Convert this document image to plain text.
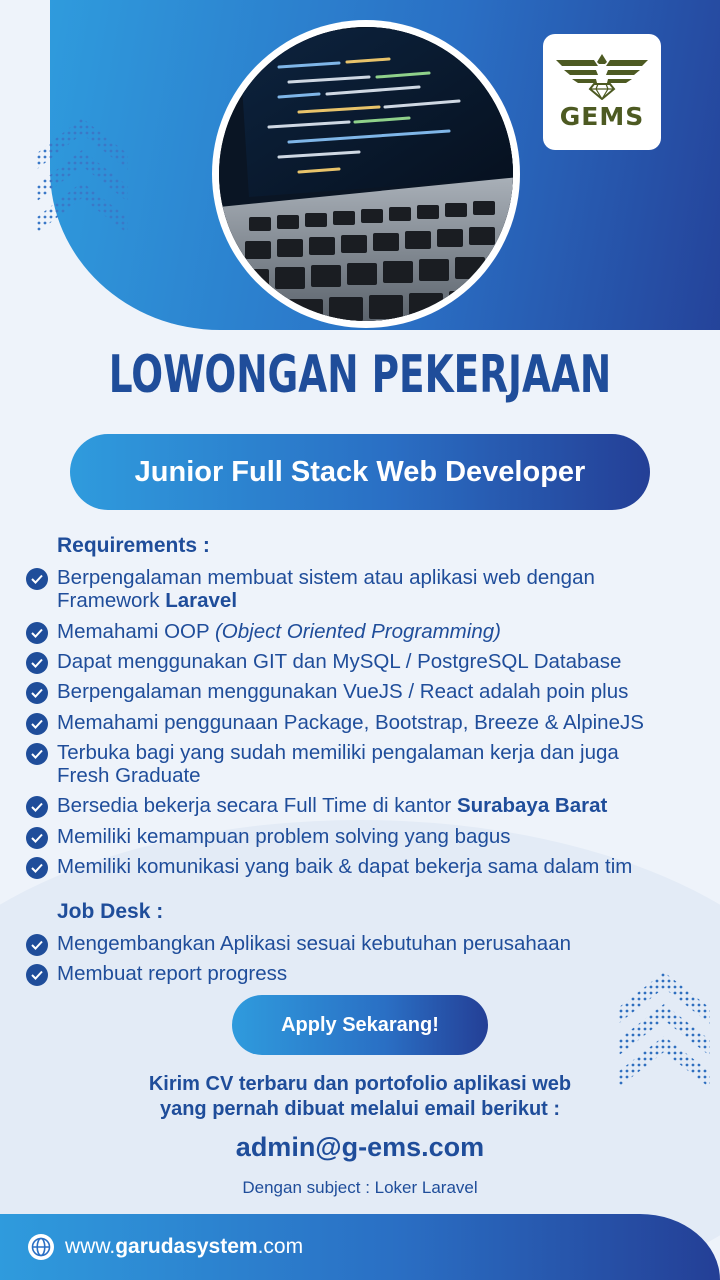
GEMS
LOWONGAN PEKERJAAN
Junior Full Stack Web Developer
Requirements :
Berpengalaman membuat sistem atau aplikasi web dengan
Framework Laravel
Memahami OOP (Object Oriented Programming)
Dapat menggunakan GIT dan MySQL / PostgreSQL Database
Berpengalaman menggunakan VueJS / React adalah poin plus
Memahami penggunaan Package, Bootstrap, Breeze & AlpineJS
Terbuka bagi yang sudah memiliki pengalaman kerja dan juga
Fresh Graduate
Bersedia bekerja secara Full Time di kantor Surabaya Barat
Memiliki kemampuan problem solving yang bagus
Memiliki komunikasi yang baik & dapat bekerja sama dalam tim
Job Desk :
Mengembangkan Aplikasi sesuai kebutuhan perusahaan
Membuat report progress
Apply Sekarang!
Kirim CV terbaru dan portofolio aplikasi web
yang pernah dibuat melalui email berikut :
admin@g-ems.com
Dengan subject : Loker Laravel
www.garudasystem.com
